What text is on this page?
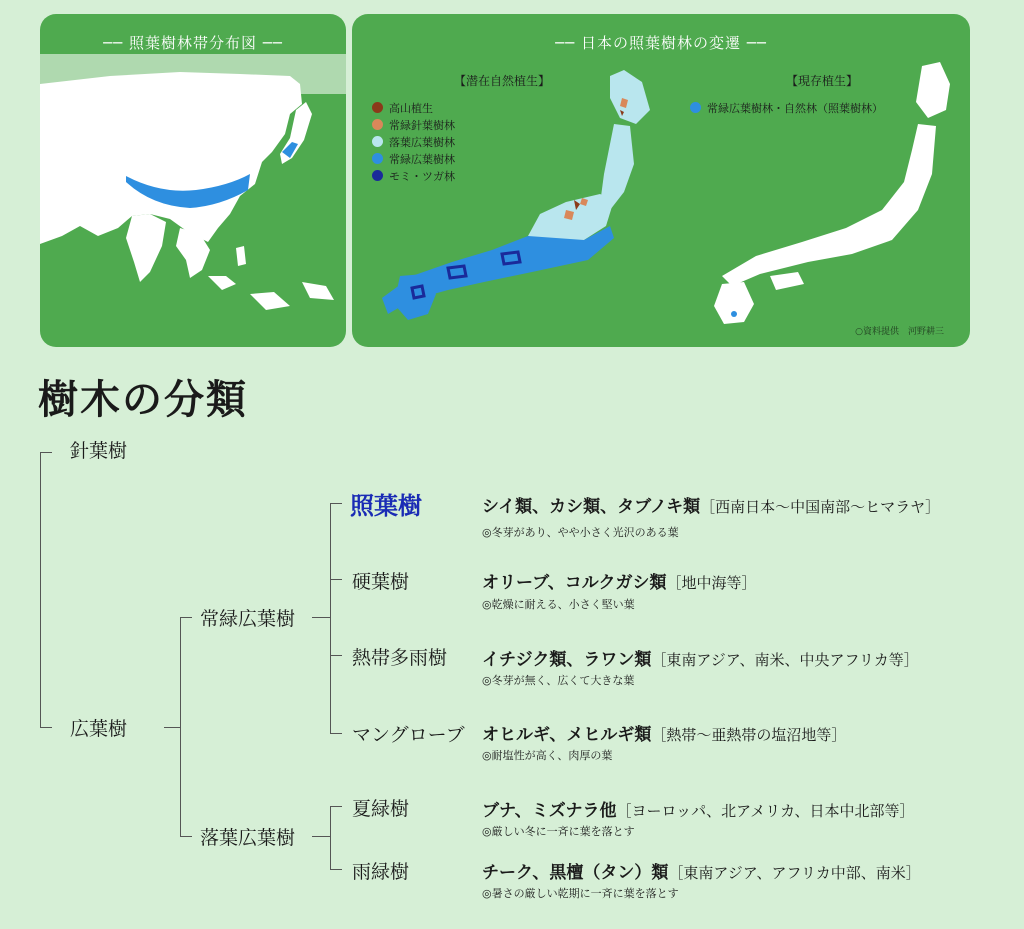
── 照葉樹林帯分布図 ──	── 日本の照葉樹林の変遷 ──
【潜在自然植生】
高山植生
常緑針葉樹林
落葉広葉樹林
常緑広葉樹林
モミ・ツガ林
【現存植生】
常緑広葉樹林・自然林（照葉樹林）
○資料提供　河野耕三
樹木の分類
針葉樹
広葉樹
常緑広葉樹
落葉広葉樹
照葉樹
硬葉樹
熱帯多雨樹
マングローブ
夏緑樹
雨緑樹
シイ類、カシ類、タブノキ類［西南日本～中国南部～ヒマラヤ］
◎冬芽があり、やや小さく光沢のある葉
オリーブ、コルクガシ類［地中海等］
◎乾燥に耐える、小さく堅い葉
イチジク類、ラワン類［東南アジア、南米、中央アフリカ等］
◎冬芽が無く、広くて大きな葉
オヒルギ、メヒルギ類［熱帯～亜熱帯の塩沼地等］
◎耐塩性が高く、肉厚の葉
ブナ、ミズナラ他［ヨーロッパ、北アメリカ、日本中北部等］
◎厳しい冬に一斉に葉を落とす
チーク、黒檀（タン）類［東南アジア、アフリカ中部、南米］
◎暑さの厳しい乾期に一斉に葉を落とす
